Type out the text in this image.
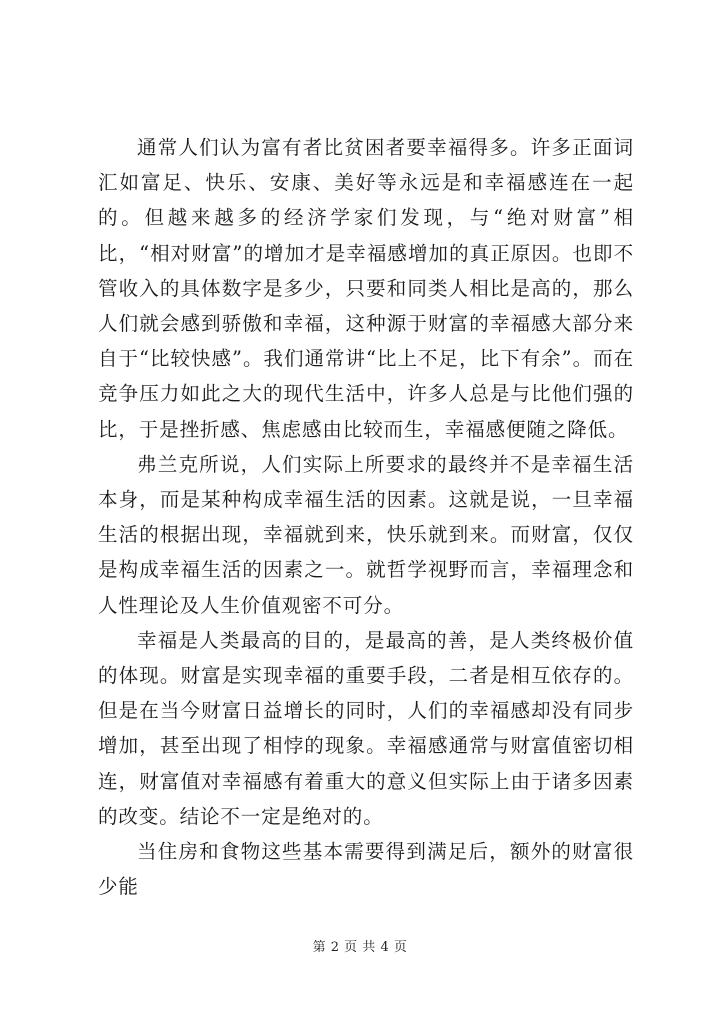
通常人们认为富有者比贫困者要幸福得多。许多正面词汇如富足、快乐、安康、美好等永远是和幸福感连在一起的。但越来越多的经济学家们发现，与“绝对财富”相比，“相对财富”的增加才是幸福感增加的真正原因。也即不管收入的具体数字是多少，只要和同类人相比是高的，那么人们就会感到骄傲和幸福，这种源于财富的幸福感大部分来自于“比较快感”。我们通常讲“比上不足，比下有余”。而在竞争压力如此之大的现代生活中，许多人总是与比他们强的比，于是挫折感、焦虑感由比较而生，幸福感便随之降低。

弗兰克所说，人们实际上所要求的最终并不是幸福生活本身，而是某种构成幸福生活的因素。这就是说，一旦幸福生活的根据出现，幸福就到来，快乐就到来。而财富，仅仅是构成幸福生活的因素之一。就哲学视野而言，幸福理念和人性理论及人生价值观密不可分。

幸福是人类最高的目的，是最高的善，是人类终极价值的体现。财富是实现幸福的重要手段，二者是相互依存的。但是在当今财富日益增长的同时，人们的幸福感却没有同步增加，甚至出现了相悖的现象。幸福感通常与财富值密切相连，财富值对幸福感有着重大的意义但实际上由于诸多因素的改变。结论不一定是绝对的。

当住房和食物这些基本需要得到满足后，额外的财富很少能

第 2 页 共 4 页
